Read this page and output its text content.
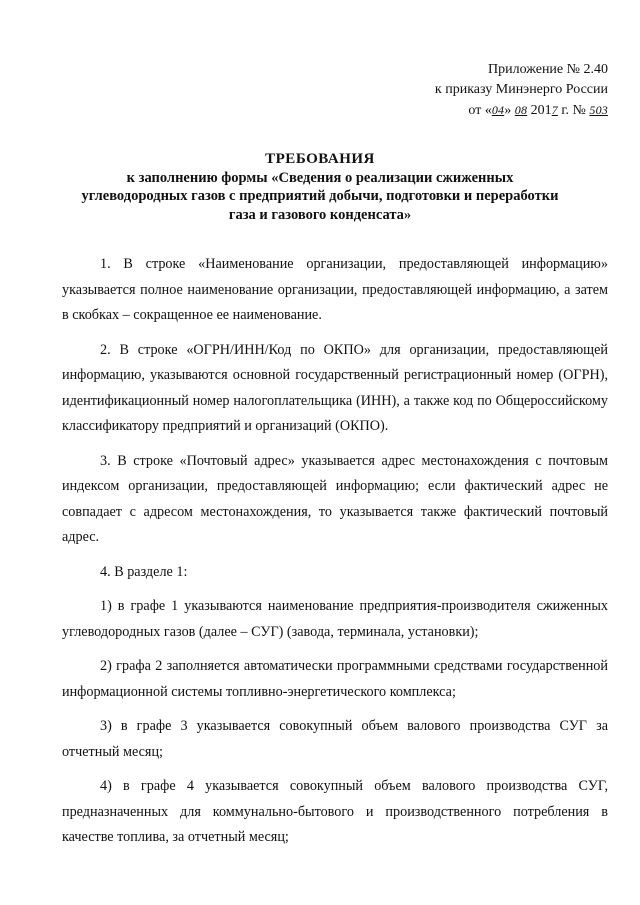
Приложение № 2.40
к приказу Минэнерго России
от «04» 08 2017 г. № 503
ТРЕБОВАНИЯ
к заполнению формы «Сведения о реализации сжиженных
углеводородных газов с предприятий добычи, подготовки и переработки
газа и газового конденсата»

1. В строке «Наименование организации, предоставляющей информацию» указывается полное наименование организации, предоставляющей информацию, а затем в скобках – сокращенное ее наименование.

2. В строке «ОГРН/ИНН/Код по ОКПО» для организации, предоставляющей информацию, указываются основной государственный регистрационный номер (ОГРН), идентификационный номер налогоплательщика (ИНН), а также код по Общероссийскому классификатору предприятий и организаций (ОКПО).

3. В строке «Почтовый адрес» указывается адрес местонахождения с почтовым индексом организации, предоставляющей информацию; если фактический адрес не совпадает с адресом местонахождения, то указывается также фактический почтовый адрес.

4. В разделе 1:

1) в графе 1 указываются наименование предприятия-производителя сжиженных углеводородных газов (далее – СУГ) (завода, терминала, установки);

2) графа 2 заполняется автоматически программными средствами государственной информационной системы топливно-энергетического комплекса;

3) в графе 3 указывается совокупный объем валового производства СУГ за отчетный месяц;

4) в графе 4 указывается совокупный объем валового производства СУГ, предназначенных для коммунально-бытового и производственного потребления в качестве топлива, за отчетный месяц;
